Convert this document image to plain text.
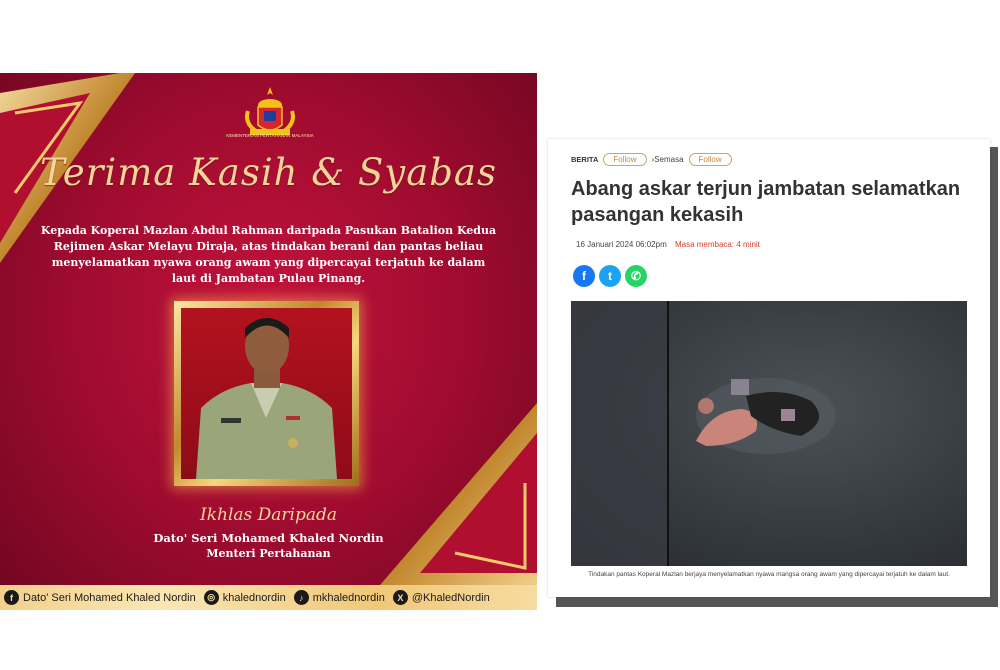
KEMENTERIAN PERTAHANAN MALAYSIA
Terima Kasih & Syabas
Kepada Koperal Mazlan Abdul Rahman daripada Pasukan Batalion Kedua Rejimen Askar Melayu Diraja, atas tindakan berani dan pantas beliau menyelamatkan nyawa orang awam yang dipercayai terjatuh ke dalam laut di Jambatan Pulau Pinang.
Ikhlas Daripada
Dato' Seri Mohamed Khaled Nordin
Menteri Pertahanan
f Dato' Seri Mohamed Khaled Nordin	◎ khalednordin	♪ mkhalednordin	X @KhaledNordin
BERITA	Follow	›Semasa	Follow
Abang askar terjun jambatan selamatkan pasangan kekasih
16 Januari 2024 06:02pm Masa membaca: 4 minit
f	t	✆
Tindakan pantas Koperal Mazlan berjaya menyelamatkan nyawa mangsa orang awam yang dipercayai terjatuh ke dalam laut.
